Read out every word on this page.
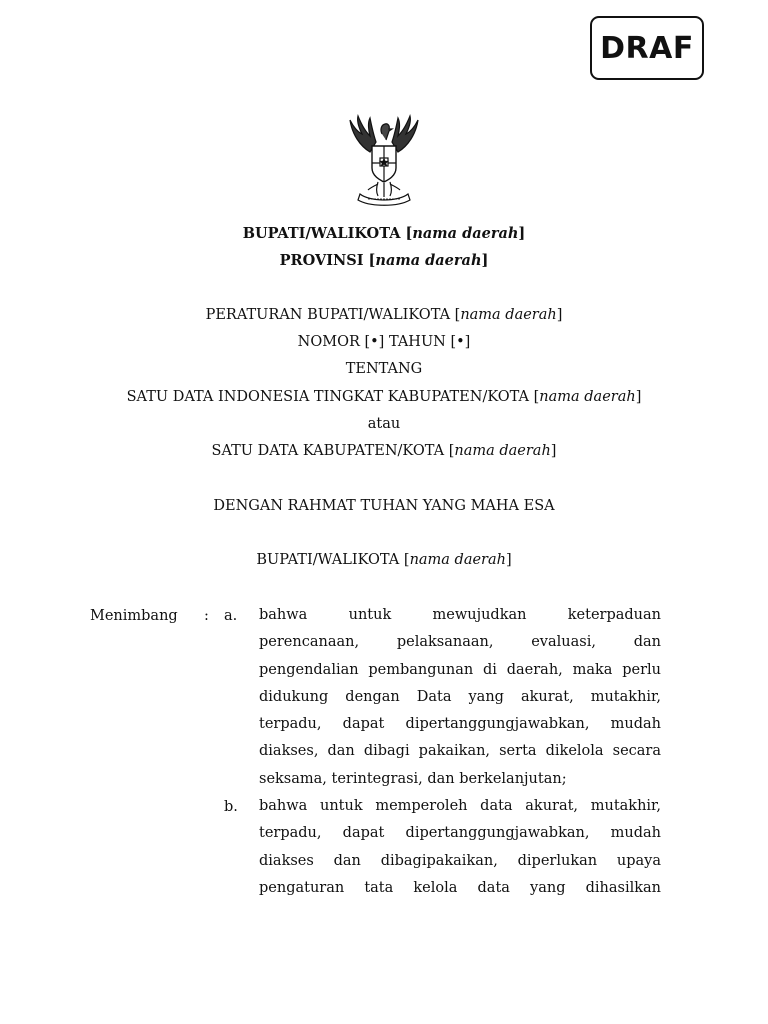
DRAF
BUPATI/WALIKOTA [nama daerah]
PROVINSI [nama daerah]
PERATURAN BUPATI/WALIKOTA [nama daerah]
NOMOR [•] TAHUN [•]
TENTANG
SATU DATA INDONESIA TINGKAT KABUPATEN/KOTA [nama daerah]
atau
SATU DATA KABUPATEN/KOTA [nama daerah]
DENGAN RAHMAT TUHAN YANG MAHA ESA
BUPATI/WALIKOTA [nama daerah]
Menimbang : a. bahwa untuk mewujudkan keterpaduan
perencanaan, pelaksanaan, evaluasi, dan
pengendalian pembangunan di daerah, maka perlu
didukung dengan Data yang akurat, mutakhir,
terpadu, dapat dipertanggungjawabkan, mudah
diakses, dan dibagi pakaikan, serta dikelola secara
seksama, terintegrasi, dan berkelanjutan;
b. bahwa untuk memperoleh data akurat, mutakhir,
terpadu, dapat dipertanggungjawabkan, mudah
diakses dan dibagipakaikan, diperlukan upaya
pengaturan tata kelola data yang dihasilkan
